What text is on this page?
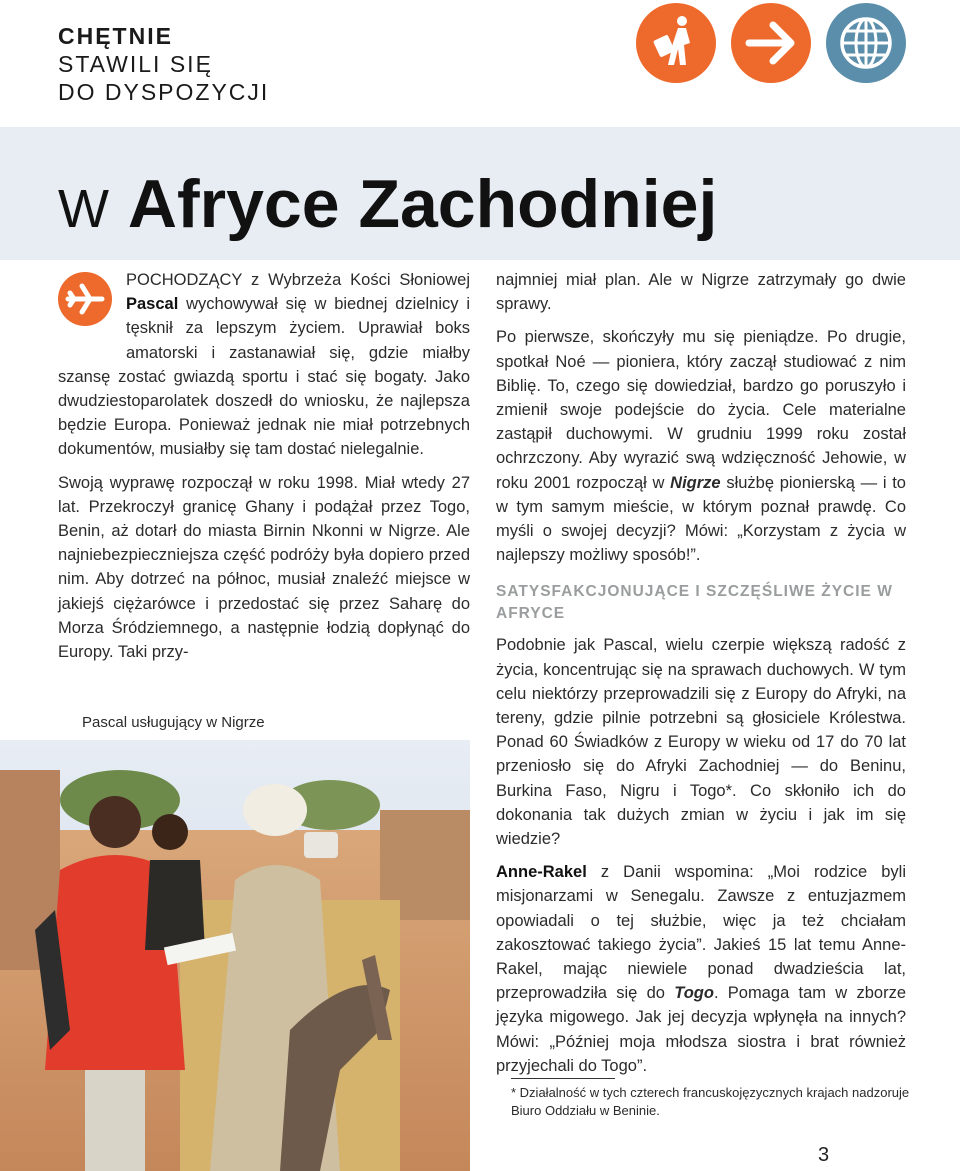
CHĘTNIE
STAWILI SIĘ
DO DYSPOZYCJI
W Afryce Zachodniej

POCHODZĄCY z Wybrzeża Kości Słoniowej Pascal wychowywał się w biednej dzielnicy i tęsknił za lepszym życiem. Uprawiał boks amatorski i zastanawiał się, gdzie miałby szansę zostać gwiazdą sportu i stać się bogaty. Jako dwudziestoparolatek doszedł do wniosku, że najlepsza będzie Europa. Ponieważ jednak nie miał potrzebnych dokumentów, musiałby się tam dostać nielegalnie.

Swoją wyprawę rozpoczął w roku 1998. Miał wtedy 27 lat. Przekroczył granicę Ghany i podążał przez Togo, Benin, aż dotarł do miasta Birnin Nkonni w Nigrze. Ale najniebezpieczniejsza część podróży była dopiero przed nim. Aby dotrzeć na północ, musiał znaleźć miejsce w jakiejś ciężarówce i przedostać się przez Saharę do Morza Śródziemnego, a następnie łodzią dopłynąć do Europy. Taki przy-

Pascal usługujący w Nigrze

najmniej miał plan. Ale w Nigrze zatrzymały go dwie sprawy.

Po pierwsze, skończyły mu się pieniądze. Po drugie, spotkał Noé — pioniera, który zaczął studiować z nim Biblię. To, czego się dowiedział, bardzo go poruszyło i zmienił swoje podejście do życia. Cele materialne zastąpił duchowymi. W grudniu 1999 roku został ochrzczony. Aby wyrazić swą wdzięczność Jehowie, w roku 2001 rozpoczął w Nigrze służbę pionierską — i to w tym samym mieście, w którym poznał prawdę. Co myśli o swojej decyzji? Mówi: „Korzystam z życia w najlepszy możliwy sposób!”.

SATYSFAKCJONUJĄCE I SZCZĘŚLIWE ŻYCIE W AFRYCE

Podobnie jak Pascal, wielu czerpie większą radość z życia, koncentrując się na sprawach duchowych. W tym celu niektórzy przeprowadzili się z Europy do Afryki, na tereny, gdzie pilnie potrzebni są głosiciele Królestwa. Ponad 60 Świadków z Europy w wieku od 17 do 70 lat przeniosło się do Afryki Zachodniej — do Beninu, Burkina Faso, Nigru i Togo*. Co skłoniło ich do dokonania tak dużych zmian w życiu i jak im się wiedzie?

Anne-Rakel z Danii wspomina: „Moi rodzice byli misjonarzami w Senegalu. Zawsze z entuzjazmem opowiadali o tej służbie, więc ja też chciałam zakosztować takiego życia”. Jakieś 15 lat temu Anne-Rakel, mając niewiele ponad dwadzieścia lat, przeprowadziła się do Togo. Pomaga tam w zborze języka migowego. Jak jej decyzja wpłynęła na innych? Mówi: „Później moja młodsza siostra i brat również przyjechali do Togo”.

* Działalność w tych czterech francuskojęzycznych krajach nadzoruje Biuro Oddziału w Beninie.
3
